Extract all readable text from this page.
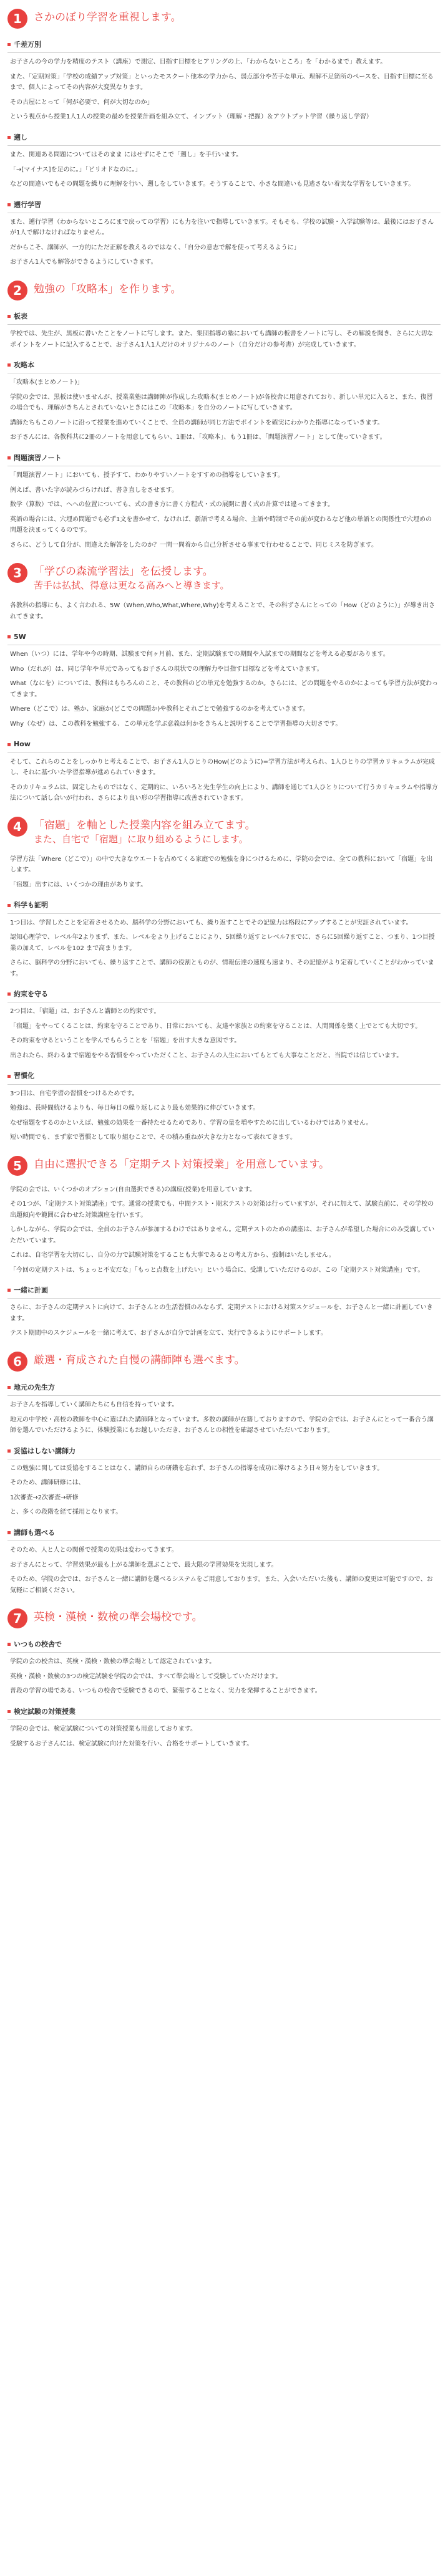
1	さかのぼり学習を重視します。
千差万別

お子さんの今の学力を精度のテスト（講座）で測定、目指す目標をヒアリングの上、「わからないところ」を「わかるまで」教えます。

また、「定期対策」「学校の成績アップ対策」といったモスクート他本の学力から、弱点部分や苦手な単元、理解不足箇所のペースを、目指す目標に至るまで、個人によってその内容が大変異なります。

その古屋にとって「何が必要で、何が大切なのか」

という視点から授業1人1人の授業の最めを授業計画を組み立て、インプット（理解・把握）＆アウトプット学習（繰り返し学習）

遡し

また、関連ある問題についてはそのまま にはせずにそこで「遡し」を手行います。

「→[マイナス]を足のに。」「ビリオドなのに。」

などの間違いでもその問題を繰りに理解を行い、遡しをしていきます。そうすることで、小さな間違いも見逃さない着実な学習をしていきます。

遡行学習

また、遡行学習（わからないところにまで戻っての学習）にも力を注いで指導していきます。そもそも、学校の試験・入学試験等は、最後にはお子さんが1人で解けなければなりません。

だからこそ、講師が、一方的にただ正解を教えるのではなく、「自分の意志で解を使って考えるように」

お子さん1人でも解答ができるようにしていきます。

2	勉強の「攻略本」を作ります。
板表

学校では、先生が、黒板に書いたことをノートに写します。また、集団指導の塾においても講師の板書をノートに写し、その解説を聞き、さらに大切なポイントをノートに記入することで、お子さん1人1人だけのオリジナルのノート（自分だけの参考書）が完成していきます。

攻略本

「攻略本(まとめノート)」

学院の会では、黒板は使いませんが、授業業塾は講師陣が作成した攻略本(まとめノート)が各校舎に用意されており、新しい単元に入ると、また、復習の場合でも、理解がきちんとされていないときにはこの「攻略本」を自分のノートに写していきます。

講師たちもこのノートに沿って授業を進めていくことで、全員の講師が同じ方法でポイントを確実にわかりた指導になっていきます。

お子さんには、各教科共に2冊のノートを用意してもらい、1冊は、「攻略本」、もう1冊は、「問題演習ノート」として使っていきます。

問題演習ノート

「問題演習ノート」においても、授予すて、わかりやすいノートをすすめの指導をしていきます。

例えば、書いた字が読みづらければ、書き直しをさせます。

数学（算数）では、へへの位置についても、式の書き方に書く方程式・式の展開に書く式の計算では違ってきます。

英語の場合には、穴埋め問題でも必ず1文を書かせて、なければ、新語で考える場合、主語や時制でその前が変わるなど他の単語との関係性で穴埋めの問題を決まってくるのです。

さらに、どうして自分が、間違えた解答をしたのか？一問一問着から自己分析させる事まで行わせることで、同じミスを防ぎます。

3	「学びの森流学習法」を伝授します。
苦手は払拭、得意は更なる高みへと導きます。

各教科の指導にも、よく言われる、5W（When,Who,What,Where,Why)を考えることで、その科ずさんにとっての「How（どのように）」が導き出されてきます。

5W

When（いつ）には、学年や今の時期、試験まで何ヶ月前、また、定期試験までの期間や入試までの期間などを考える必要があります。

Who（だれが）は、同じ学年や単元であってもお子さんの現状での理解力や目指す目標などを考えていきます。

What（なにを）については、教科はもちろんのこと、その教科のどの単元を勉強するのか。さらには、どの問題をやるのかによっても学習方法が変わってきます。

Where（どこで）は、塾か、家庭か(どこでの問題か)や教科とそれごとで勉強するのかを考えていきます。

Why（なぜ）は、この教科を勉強する、この単元を学ぶ意義は何かをきちんと説明することで学習指導の大切さです。

How

そして、これらのことをしっかりと考えることで、お子さん1人ひとりのHow(どのように)=学習方法が考えられ、1人ひとりの学習カリキュラムが完成し、それに基づいた学習指導が進められていきます。

そのカリキュラムは、固定したものではなく、定期的に、いろいろと先生学生の向上により、講師を通じて1人ひとりについて行うカリキュラムや指導方法について話し合いが行われ、さらにより良い形の学習指導に改善されていきます。

4	「宿題」を軸とした授業内容を組み立てます。
また、自宅で「宿題」に取り組めるようにします。

学習方法「Where（どこで）」の中で大きなウエートを占めてくる家庭での勉強を身につけるために、学院の会では、全ての教科において「宿題」を出します。

「宿題」出すには、いくつかの理由があります。

科学も証明

1つ目は、学習したことを定着させるため、脳科学の分野においても、繰り返すことでその記憶力は格段にアップすることが実証されています。

認知心理学で、レベル年2よりまず、また、レベルをより上げることにより、5回繰り返すとレベル7までに、さらに5回繰り返すこと、つまり、1つ目授業の加えて、レベルを102 まで高まります。

さらに、脳科学の分野においても、繰り返すことで、講師の役割とものが、情報伝達の速度も速まり、その記憶がより定着していくことがわかっています。

約束を守る

2つ目は、「宿題」は、お子さんと講師との約束です。

「宿題」をやってくることは、約束を守ることであり、日常においても、友達や家族との約束を守ることは、人間関係を築く上でとても大切です。

その約束を守るということを学んでもらうことを「宿題」を出す大きな意図です。

出されたら、終わるまで宿題をやる習慣をやっていただくこと、お子さんの人生においてもとても大事なことだと、当院では信じています。

習慣化

3つ目は、自宅学習の習慣をつけるためです。

勉強は、長時間続けるよりも、毎日毎日の繰り返しにより最も効果的に伸びていきます。

なぜ宿題をするのかといえば、勉強の効果を一番持たせるためであり、学習の量を増やすために出しているわけではありません。

短い時間でも、まず家で習慣として取り組むことで、その積み重ねが大きな力となって表れてきます。

5	自由に選択できる「定期テスト対策授業」を用意しています。

学院の会では、いくつかのオプション(自由選択できる)の講座(授業)を用意しています。

その1つが、「定期テスト対策講座」です。通常の授業でも、中間テスト・期末テストの対策は行っていますが、それに加えて、試験直前に、その学校の出題傾向や範囲に合わせた対策講座を行います。

しかしながら、学院の会では、全員のお子さんが参加するわけではありません。定期テストのための講座は、お子さんが希望した場合にのみ受講していただいています。

これは、自宅学習を大切にし、自分の力で試験対策をすることも大事であるとの考え方から、強制はいたしません。

「今回の定期テストは、ちょっと不安だな」「もっと点数を上げたい」という場合に、受講していただけるのが、この「定期テスト対策講座」です。

一緒に計画

さらに、お子さんの定期テストに向けて、お子さんとの生活習慣のみならず、定期テストにおける対策スケジュールを、お子さんと一緒に計画していきます。

テスト期間中のスケジュールを一緒に考えて、お子さんが自分で計画を立て、実行できるようにサポートします。

6	厳選・育成された自慢の講師陣も選べます。
地元の先生方

お子さんを指導していく講師たちにも自信を持っています。

地元の中学校・高校の教師を中心に選ばれた講師陣となっています。多数の講師が在籍しておりますので、学院の会では、お子さんにとって一番合う講師を選んでいただけるように、体験授業にもお越しいただき、お子さんとの相性を確認させていただいております。

妥協はしない講師力

この勉強に関しては妥協をすることはなく、講師自らの研鑽を忘れず、お子さんの指導を成功に導けるよう日々努力をしていきます。

そのため、講師研修には、

1次審査→2次審査→研修

と、多くの段階を経て採用となります。

講師も選べる

そのため、人と人との関係で授業の効果は変わってきます。

お子さんにとって、学習効果が最も上がる講師を選ぶことで、最大限の学習効果を実現します。

そのため、学院の会では、お子さんと一緒に講師を選べるシステムをご用意しております。また、入会いただいた後も、講師の変更は可能ですので、お気軽にご相談ください。

7	英検・漢検・数検の準会場校です。
いつもの校舎で

学院の会の校舎は、英検・漢検・数検の準会場として認定されています。

英検・漢検・数検の3つの検定試験を学院の会では、すべて準会場として受験していただけます。

普段の学習の場である、いつもの校舎で受験できるので、緊張することなく、実力を発揮することができます。

検定試験の対策授業

学院の会では、検定試験についての対策授業も用意しております。

受験するお子さんには、検定試験に向けた対策を行い、合格をサポートしていきます。
